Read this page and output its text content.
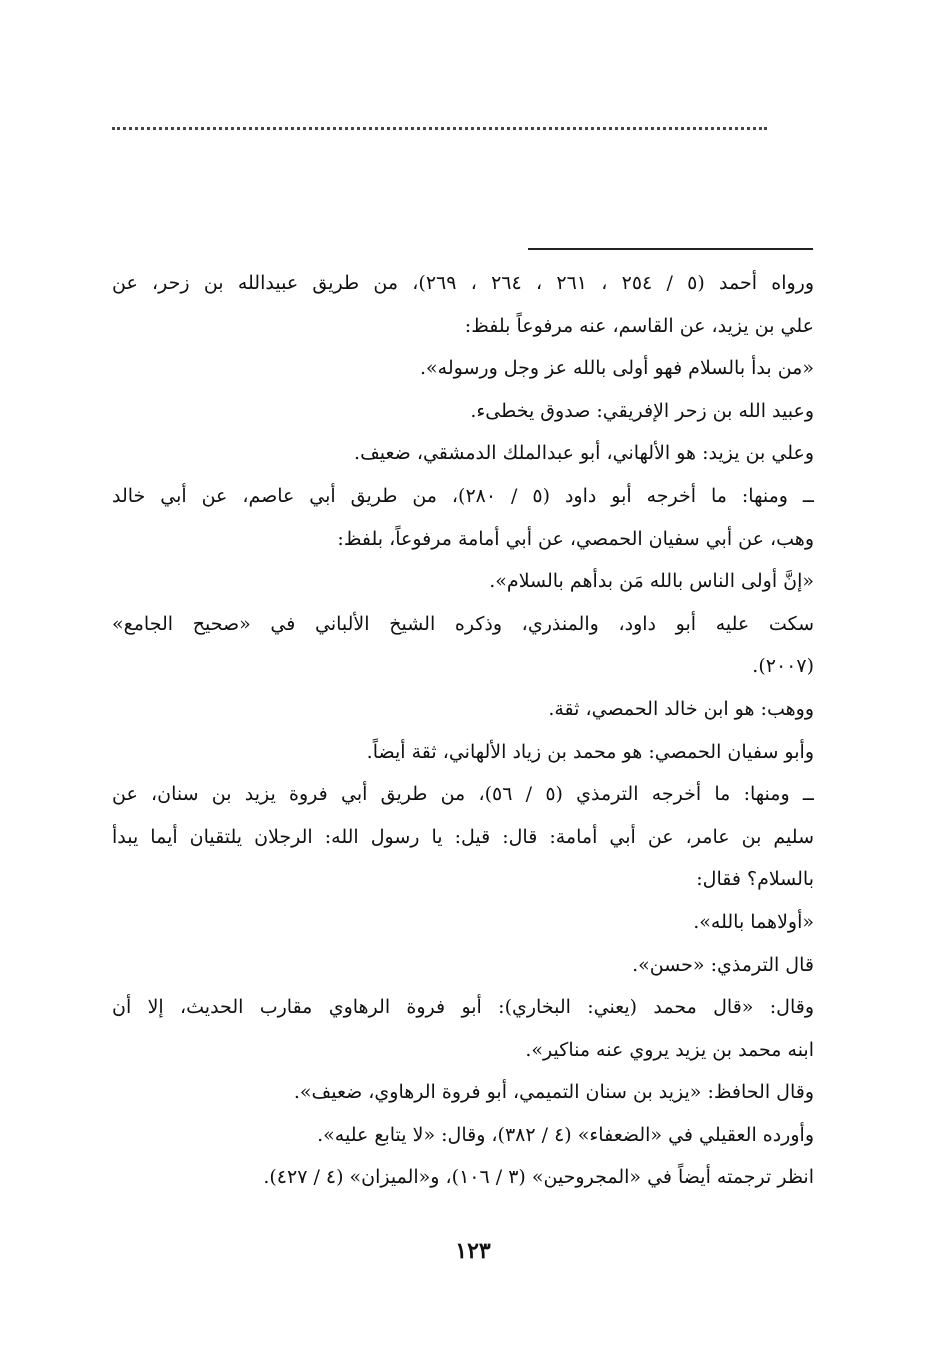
ورواه أحمد (٥ / ٢٥٤ ، ٢٦١ ، ٢٦٤ ، ٢٦٩)، من طريق عبيدالله بن زحر، عن
علي بن يزيد، عن القاسم، عنه مرفوعاً بلفظ:
«من بدأ بالسلام فهو أولى بالله عز وجل ورسوله».
وعبيد الله بن زحر الإفريقي: صدوق يخطىء.
وعلي بن يزيد: هو الألهاني، أبو عبدالملك الدمشقي، ضعيف.
ــ ومنها: ما أخرجه أبو داود (٥ / ٢٨٠)، من طريق أبي عاصم، عن أبي خالد
وهب، عن أبي سفيان الحمصي، عن أبي أمامة مرفوعاً، بلفظ:
«إنَّ أولى الناس بالله مَن بدأهم بالسلام».
سكت عليه أبو داود، والمنذري، وذكره الشيخ الألباني في «صحيح الجامع»
(٢٠٠٧).
ووهب: هو ابن خالد الحمصي، ثقة.
وأبو سفيان الحمصي: هو محمد بن زياد الألهاني، ثقة أيضاً.
ــ ومنها: ما أخرجه الترمذي (٥ / ٥٦)، من طريق أبي فروة يزيد بن سنان، عن
سليم بن عامر، عن أبي أمامة: قال: قيل: يا رسول الله: الرجلان يلتقيان أيما يبدأ
بالسلام؟ فقال:
«أولاهما بالله».
قال الترمذي: «حسن».
وقال: «قال محمد (يعني: البخاري): أبو فروة الرهاوي مقارب الحديث، إلا أن
ابنه محمد بن يزيد يروي عنه مناكير».
وقال الحافظ: «يزيد بن سنان التميمي، أبو فروة الرهاوي، ضعيف».
وأورده العقيلي في «الضعفاء» (٤ / ٣٨٢)، وقال: «لا يتابع عليه».
انظر ترجمته أيضاً في «المجروحين» (٣ / ١٠٦)، و«الميزان» (٤ / ٤٢٧).
١٢٣
